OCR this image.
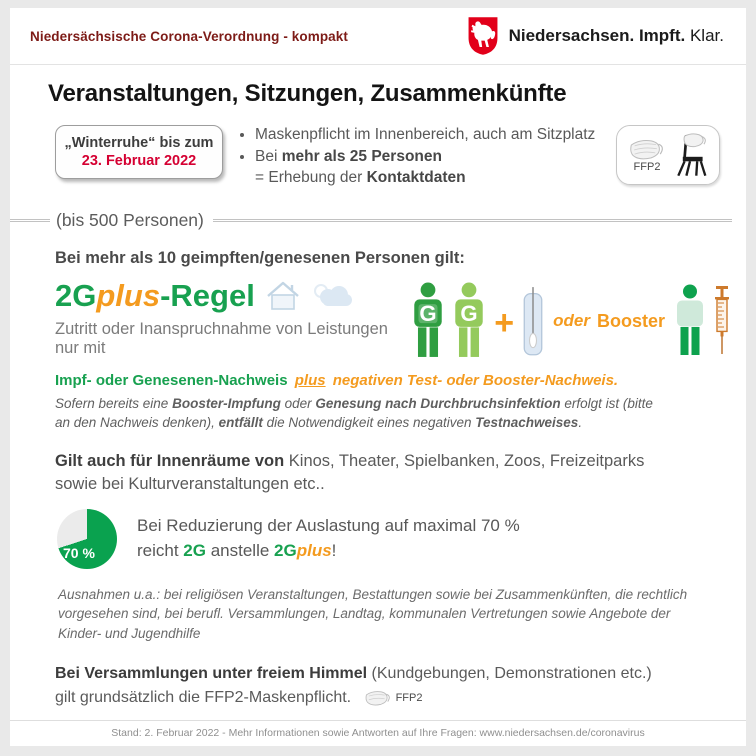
Niedersächsische Corona-Verordnung - kompakt	Niedersachsen. Impft. Klar.
Veranstaltungen, Sitzungen, Zusammenkünfte
„Winterruhe“ bis zum
23. Februar 2022
• Maskenpflicht im Innenbereich, auch am Sitzplatz
• Bei mehr als 25 Personen
= Erhebung der Kontaktdaten
FFP2
(bis 500 Personen)
Bei mehr als 10 geimpften/genesenen Personen gilt:
2Gplus-Regel
Zutritt oder Inanspruchnahme von Leistungen nur mit
G G + oder Booster
Impf- oder Genesenen-Nachweis plus negativen Test- oder Booster-Nachweis.
Sofern bereits eine Booster-Impfung oder Genesung nach Durchbruchsinfektion erfolgt ist (bitte an den Nachweis denken), entfällt die Notwendigkeit eines negativen Testnachweises.
Gilt auch für Innenräume von Kinos, Theater, Spielbanken, Zoos, Freizeitparks sowie bei Kulturveranstaltungen etc..
70 %
Bei Reduzierung der Auslastung auf maximal 70 %
reicht 2G anstelle 2Gplus!
Ausnahmen u.a.: bei religiösen Veranstaltungen, Bestattungen sowie bei Zusammenkünften, die rechtlich vorgesehen sind, bei berufl. Versammlungen, Landtag, kommunalen Vertretungen sowie Angebote der Kinder- und Jugendhilfe
Bei Versammlungen unter freiem Himmel (Kundgebungen, Demonstrationen etc.)
gilt grundsätzlich die FFP2-Maskenpflicht.	FFP2
Stand: 2. Februar 2022 - Mehr Informationen sowie Antworten auf Ihre Fragen: www.niedersachsen.de/coronavirus
